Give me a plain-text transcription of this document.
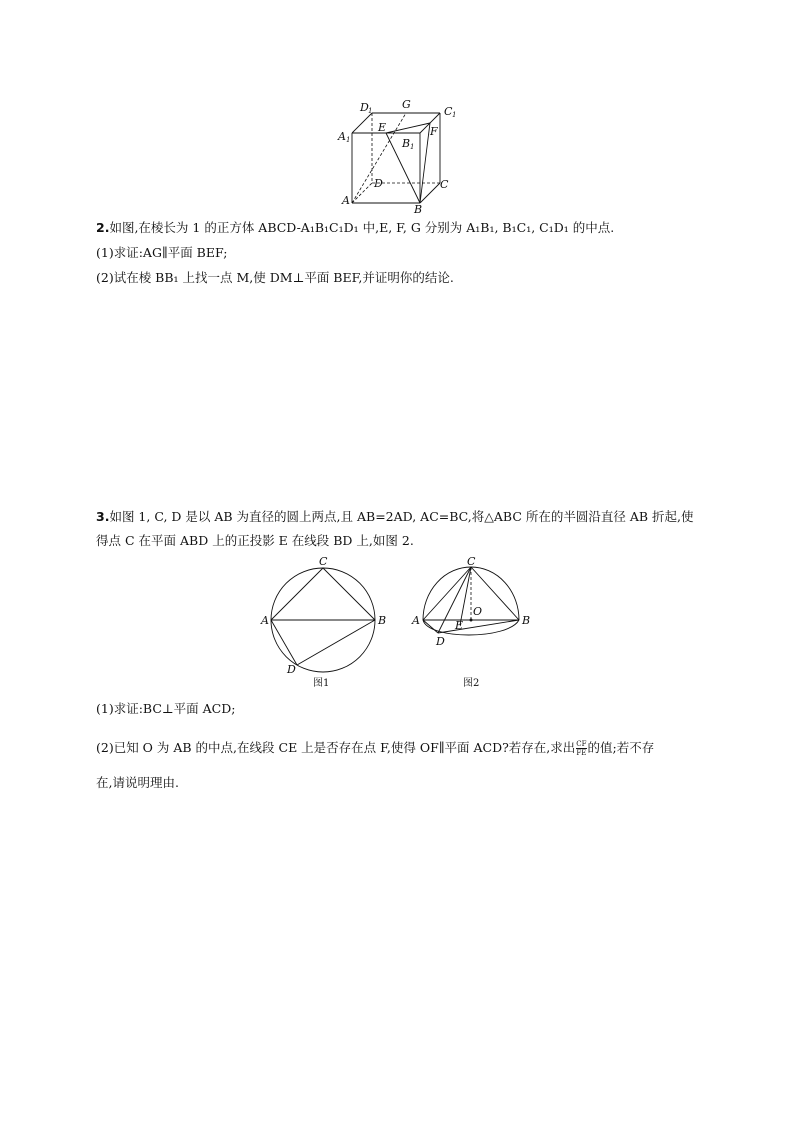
D 1	G
C 1
A 1
E
B 1
F
D	C
A
B
2.如图,在棱长为 1 的正方体 ABCD-A₁B₁C₁D₁ 中,E, F, G 分别为 A₁B₁, B₁C₁, C₁D₁ 的中点.
(1)求证:AG∥平面 BEF;
(2)试在棱 BB₁ 上找一点 M,使 DM⊥平面 BEF,并证明你的结论.
3.如图 1, C, D 是以 AB 为直径的圆上两点,且 AB=2AD, AC=BC,将△ABC 所在的半圆沿直径 AB 折起,使
得点 C 在平面 ABD 上的正投影 E 在线段 BD 上,如图 2.
C
A	B
D
图1
C
A	B
O
E
D
图2
(1)求证:BC⊥平面 ACD;
(2)已知 O 为 AB 的中点,在线段 CE 上是否存在点 F,使得 OF∥平面 ACD?若存在,求出 $\frac{CF}{FE}$ 的值;若不存
在,请说明理由.
